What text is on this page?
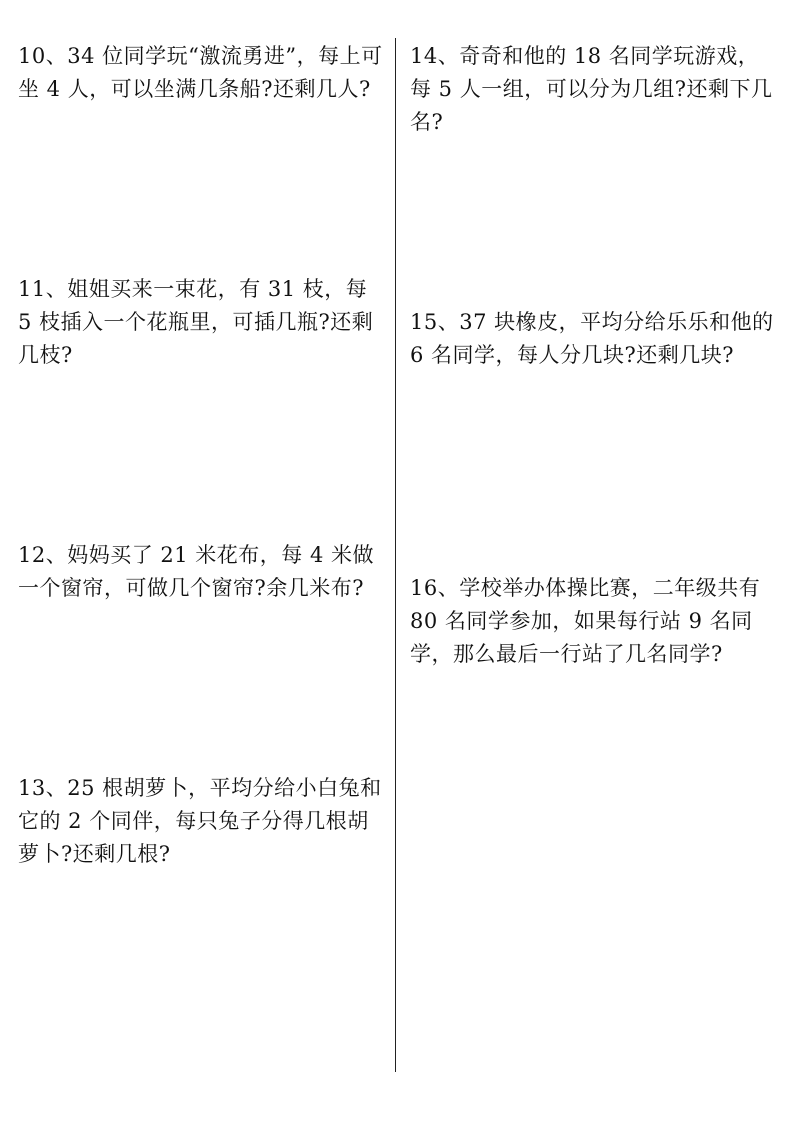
10、34 位同学玩“激流勇进”，每上可坐 4 人，可以坐满几条船?还剩几人?
11、姐姐买来一束花，有 31 枝，每 5 枝插入一个花瓶里，可插几瓶?还剩几枝?
12、妈妈买了 21 米花布，每 4 米做一个窗帘，可做几个窗帘?余几米布?
13、25 根胡萝卜，平均分给小白兔和它的 2 个同伴，每只兔子分得几根胡萝卜?还剩几根?
14、奇奇和他的 18 名同学玩游戏，每 5 人一组，可以分为几组?还剩下几名?
15、37 块橡皮，平均分给乐乐和他的 6 名同学，每人分几块?还剩几块?
16、学校举办体操比赛，二年级共有 80 名同学参加，如果每行站 9 名同学，那么最后一行站了几名同学?
